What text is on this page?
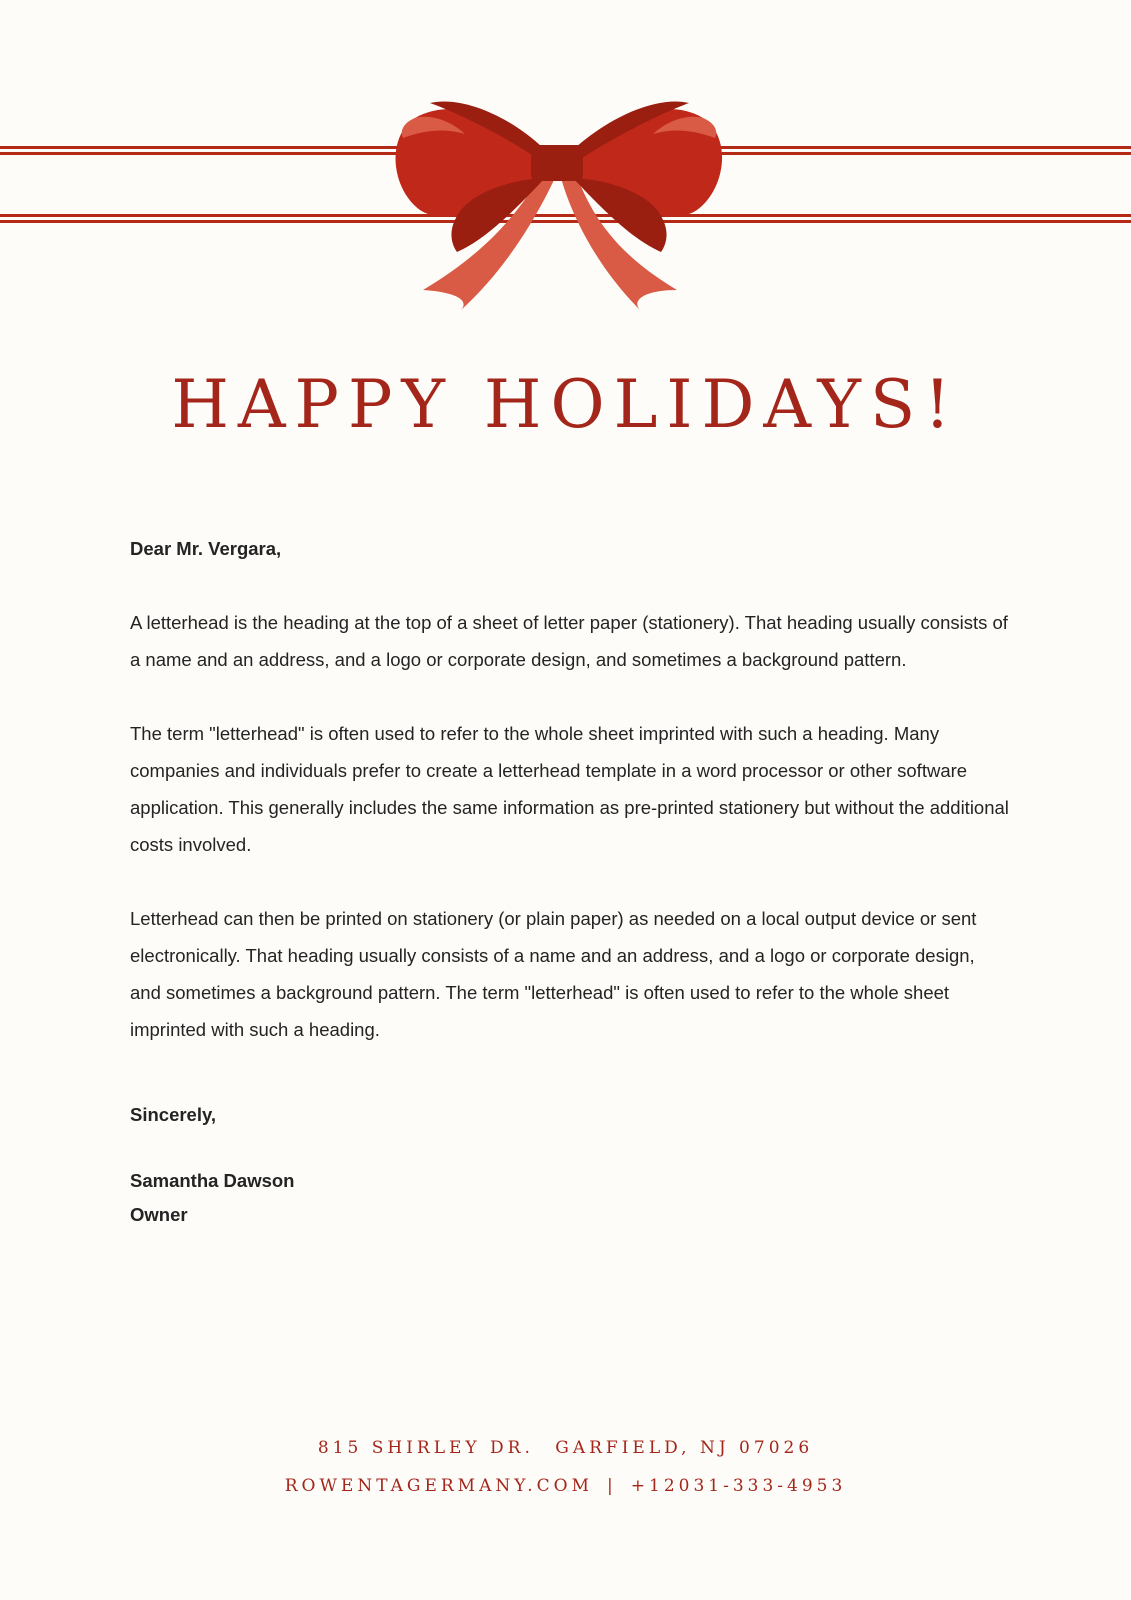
HAPPY HOLIDAYS!

Dear Mr. Vergara,

A letterhead is the heading at the top of a sheet of letter paper (stationery). That heading usually consists of a name and an address, and a logo or corporate design, and sometimes a background pattern.

The term "letterhead" is often used to refer to the whole sheet imprinted with such a heading. Many companies and individuals prefer to create a letterhead template in a word processor or other software application. This generally includes the same information as pre-printed stationery but without the additional costs involved.

Letterhead can then be printed on stationery (or plain paper) as needed on a local output device or sent electronically. That heading usually consists of a name and an address, and a logo or corporate design, and sometimes a background pattern. The term "letterhead" is often used to refer to the whole sheet imprinted with such a heading.

Sincerely,

Samantha Dawson

Owner

815 SHIRLEY DR. GARFIELD, NJ 07026
ROWENTAGERMANY.COM | +12031-333-4953
